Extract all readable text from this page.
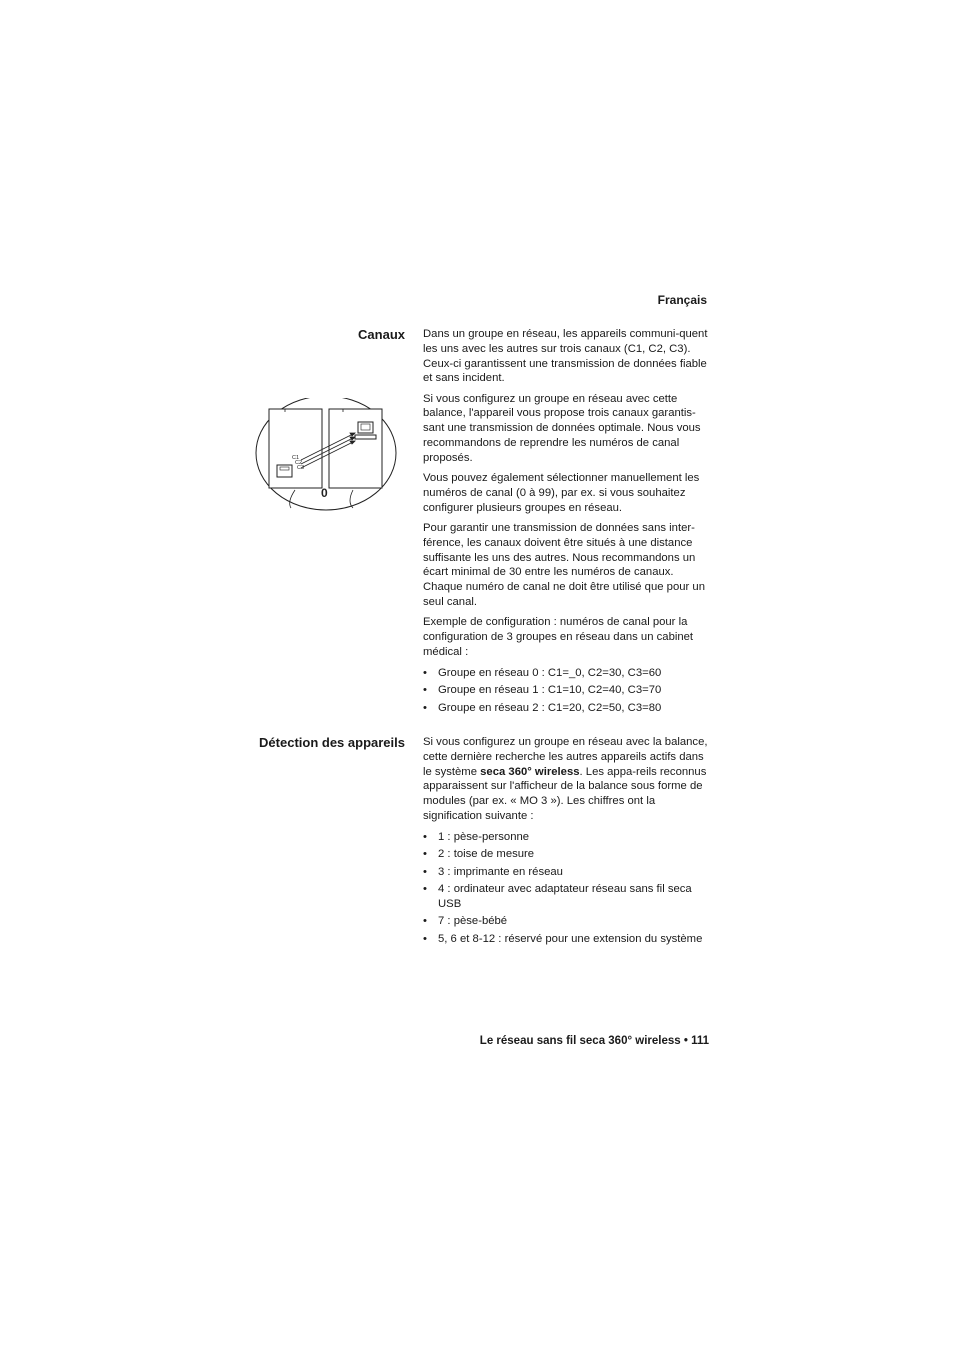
Français
Canaux Dans un groupe en réseau, les appareils communi-quent les uns avec les autres sur trois canaux (C1, C2, C3). Ceux-ci garantissent une transmission de données fiable et sans incident.

Si vous configurez un groupe en réseau avec cette balance, l'appareil vous propose trois canaux garantis-sant une transmission de données optimale. Nous vous recommandons de reprendre les numéros de canal proposés.

Vous pouvez également sélectionner manuellement les numéros de canal (0 à 99), par ex. si vous souhaitez configurer plusieurs groupes en réseau.

Pour garantir une transmission de données sans inter-férence, les canaux doivent être situés à une distance suffisante les uns des autres. Nous recommandons un écart minimal de 30 entre les numéros de canaux. Chaque numéro de canal ne doit être utilisé que pour un seul canal.

Exemple de configuration : numéros de canal pour la configuration de 3 groupes en réseau dans un cabinet médical :

• Groupe en réseau 0 : C1=_0, C2=30, C3=60
• Groupe en réseau 1 : C1=10, C2=40, C3=70
• Groupe en réseau 2 : C1=20, C2=50, C3=80
C1
C2
C3
0
Détection des appareils Si vous configurez un groupe en réseau avec la balance, cette dernière recherche les autres appareils actifs dans le système seca 360° wireless. Les appa-reils reconnus apparaissent sur l'afficheur de la balance sous forme de modules (par ex. « MO 3 »). Les chiffres ont la signification suivante :

• 1 : pèse-personne
• 2 : toise de mesure
• 3 : imprimante en réseau
• 4 : ordinateur avec adaptateur réseau sans fil seca USB
• 7 : pèse-bébé
• 5, 6 et 8-12 : réservé pour une extension du système
Le réseau sans fil seca 360° wireless • 111
